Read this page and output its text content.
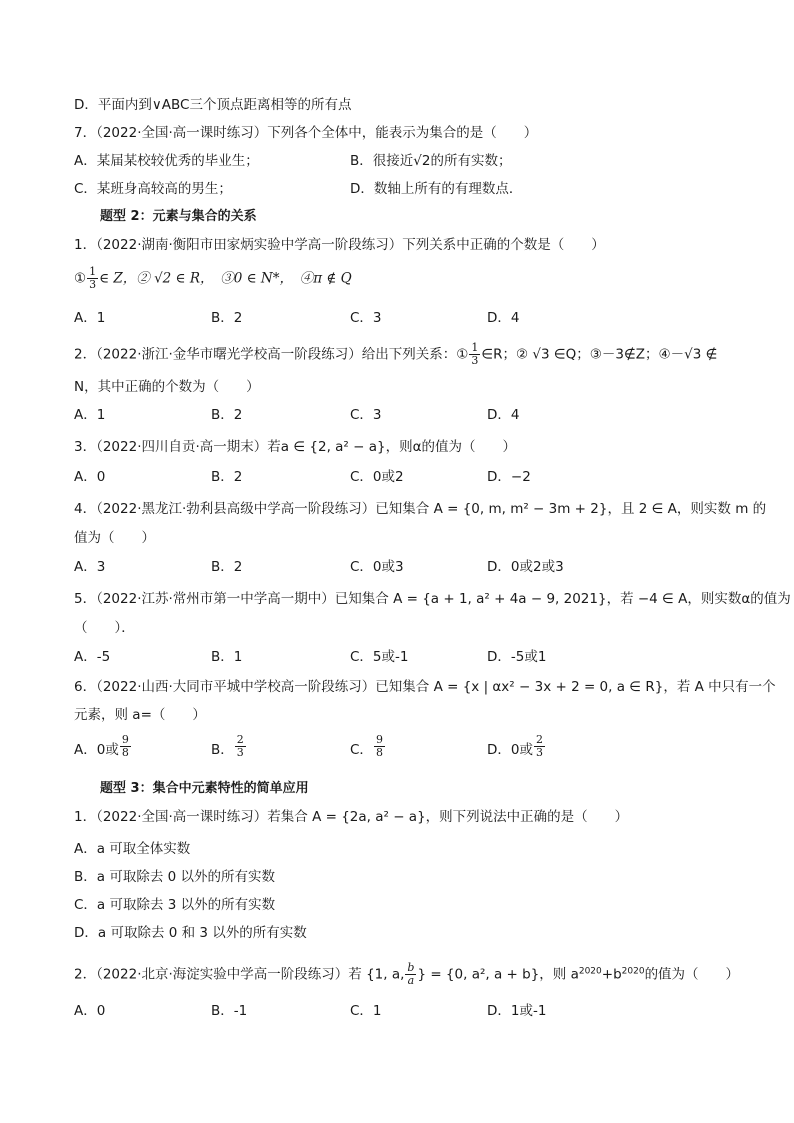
D．平面内到∨ABC三个顶点距离相等的所有点
7．（2022·全国·高一课时练习）下列各个全体中，能表示为集合的是（　　）
A．某届某校较优秀的毕业生；	B．很接近√2的所有实数；
C．某班身高较高的男生；	D．数轴上所有的有理数点．
题型 2：元素与集合的关系
1．（2022·湖南·衡阳市田家炳实验中学高一阶段练习）下列关系中正确的个数是（　　）
① $\frac{1}{3}$ ∈ Z，② √2 ∈ R，　③0 ∈ N*，　④π ∉ Q
A．1	B．2	C．3	D．4
2．（2022·浙江·金华市曙光学校高一阶段练习）给出下列关系：① $\frac{1}{3}$ ∈R；② √3 ∈Q；③－3∉Z；④－√3 ∉
N，其中正确的个数为（　　）
A．1	B．2	C．3	D．4
3．（2022·四川自贡·高一期末）若a ∈ {2, a² − a}，则α的值为（　　）
A．0	B．2	C．0或2	D．−2
4．（2022·黑龙江·勃利县高级中学高一阶段练习）已知集合 A = {0, m, m² − 3m + 2}，且 2 ∈ A，则实数 m 的
值为（　　）
A．3	B．2	C．0或3	D．0或2或3
5．（2022·江苏·常州市第一中学高一期中）已知集合 A = {a + 1, a² + 4a − 9, 2021}，若 −4 ∈ A，则实数α的值为
（　　）．
A．-5	B．1	C．5或-1	D．-5或1
6．（2022·山西·大同市平城中学校高一阶段练习）已知集合 A = {x | αx² − 3x + 2 = 0, a ∈ R}，若 A 中只有一个
元素，则 a=（　　）
A．0或 $\frac{9}{8}$	B． $\frac{2}{3}$	C． $\frac{9}{8}$	D．0或 $\frac{2}{3}$
题型 3：集合中元素特性的简单应用
1．（2022·全国·高一课时练习）若集合 A = {2a, a² − a}，则下列说法中正确的是（　　）
A．a 可取全体实数
B．a 可取除去 0 以外的所有实数
C．a 可取除去 3 以外的所有实数
D．a 可取除去 0 和 3 以外的所有实数
2．（2022·北京·海淀实验中学高一阶段练习）若 {1, a, $\frac{b}{a}$ } = {0, a², a + b}，则 $a^{2020}+b^{2020}$的值为（　　）
A．0	B．-1	C．1	D．1或-1
